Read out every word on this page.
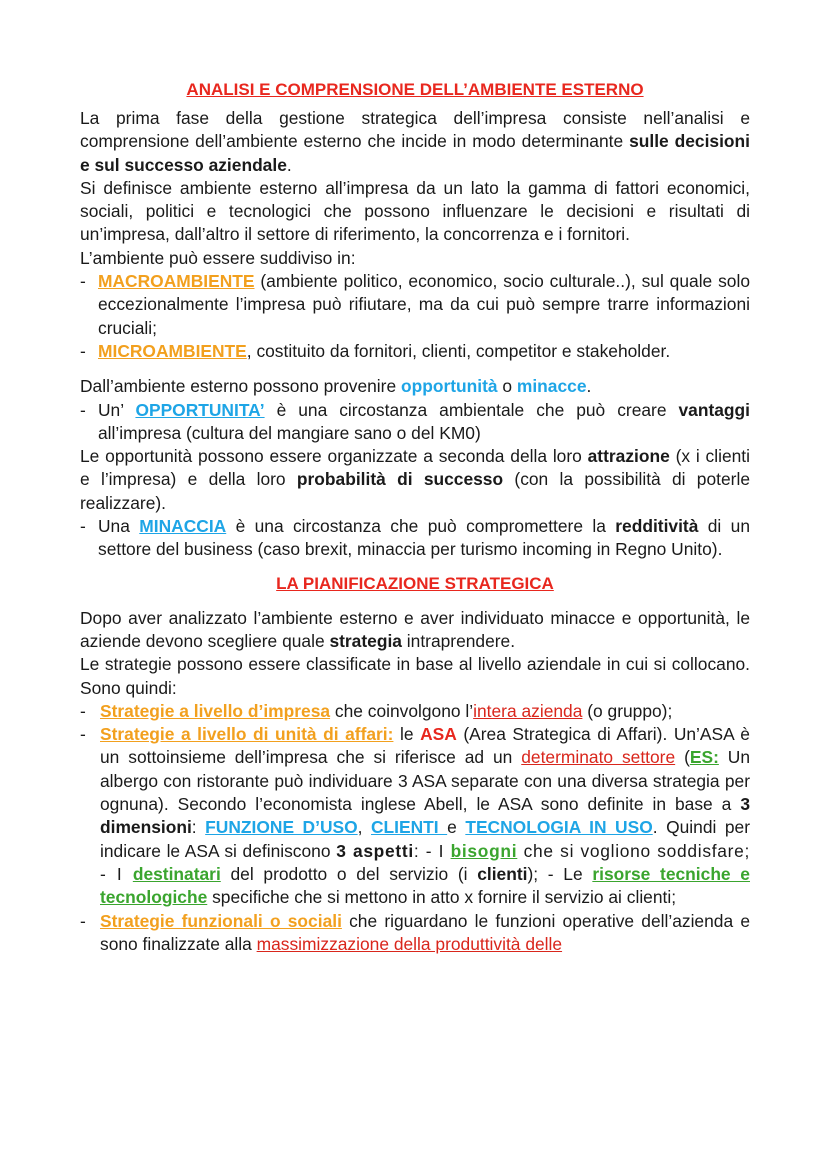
ANALISI E COMPRENSIONE DELL’AMBIENTE ESTERNO

La prima fase della gestione strategica dell’impresa consiste nell’analisi e comprensione dell’ambiente esterno che incide in modo determinante sulle decisioni e sul successo aziendale.

Si definisce ambiente esterno all’impresa da un lato la gamma di fattori economici, sociali, politici e tecnologici che possono influenzare le decisioni e risultati di un’impresa, dall’altro il settore di riferimento, la concorrenza e i fornitori.

L’ambiente può essere suddiviso in:

- MACROAMBIENTE (ambiente politico, economico, socio culturale..), sul quale solo eccezionalmente l’impresa può rifiutare, ma da cui può sempre trarre informazioni cruciali;
- MICROAMBIENTE, costituito da fornitori, clienti, competitor e stakeholder.

Dall’ambiente esterno possono provenire opportunità o minacce.

- Un’ OPPORTUNITA’ è una circostanza ambientale che può creare vantaggi all’impresa (cultura del mangiare sano o del KM0)

Le opportunità possono essere organizzate a seconda della loro attrazione (x i clienti e l’impresa) e della loro probabilità di successo (con la possibilità di poterle realizzare).

- Una MINACCIA è una circostanza che può compromettere la redditività di un settore del business (caso brexit, minaccia per turismo incoming in Regno Unito).
LA PIANIFICAZIONE STRATEGICA

Dopo aver analizzato l’ambiente esterno e aver individuato minacce e opportunità, le aziende devono scegliere quale strategia intraprendere.

Le strategie possono essere classificate in base al livello aziendale in cui si collocano. Sono quindi:

- Strategie a livello d’impresa che coinvolgono l’intera azienda (o gruppo);
- Strategie a livello di unità di affari: le ASA (Area Strategica di Affari). Un’ASA è un sottoinsieme dell’impresa che si riferisce ad un determinato settore (ES: Un albergo con ristorante può individuare 3 ASA separate con una diversa strategia per ognuna). Secondo l’economista inglese Abell, le ASA sono definite in base a 3 dimensioni: FUNZIONE D’USO, CLIENTI e TECNOLOGIA IN USO. Quindi per indicare le ASA si definiscono 3 aspetti: - I bisogni che si vogliono soddisfare; - I destinatari del prodotto o del servizio (i clienti); - Le risorse tecniche e tecnologiche specifiche che si mettono in atto x fornire il servizio ai clienti;
- Strategie funzionali o sociali che riguardano le funzioni operative dell’azienda e sono finalizzate alla massimizzazione della produttività delle
